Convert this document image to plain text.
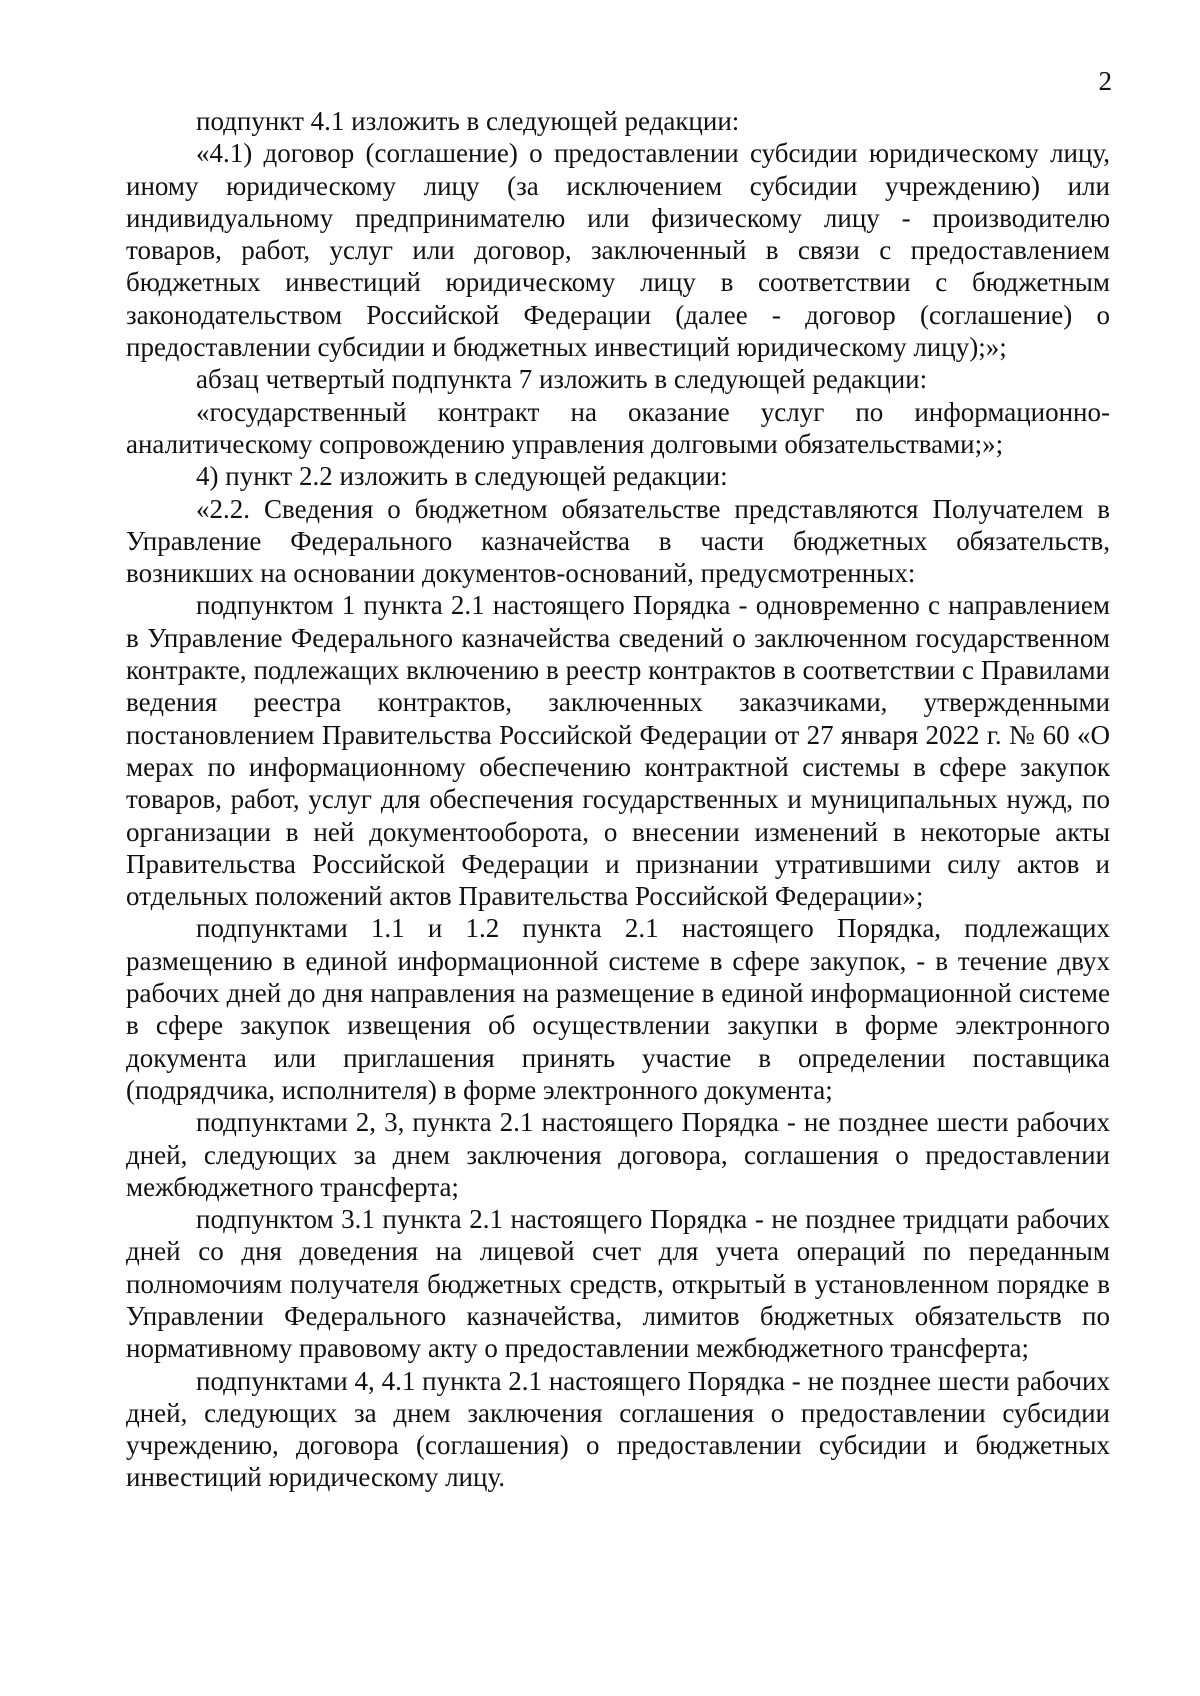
2

подпункт 4.1 изложить в следующей редакции:

«4.1) договор (соглашение) о предоставлении субсидии юридическому лицу, иному юридическому лицу (за исключением субсидии учреждению) или индивидуальному предпринимателю или физическому лицу - производителю товаров, работ, услуг или договор, заключенный в связи с предоставлением бюджетных инвестиций юридическому лицу в соответствии с бюджетным законодательством Российской Федерации (далее - договор (соглашение) о предоставлении субсидии и бюджетных инвестиций юридическому лицу);»;

абзац четвертый подпункта 7 изложить в следующей редакции:

«государственный контракт на оказание услуг по информационно-аналитическому сопровождению управления долговыми обязательствами;»;

4) пункт 2.2 изложить в следующей редакции:

«2.2. Сведения о бюджетном обязательстве представляются Получателем в Управление Федерального казначейства в части бюджетных обязательств, возникших на основании документов-оснований, предусмотренных:

подпунктом 1 пункта 2.1 настоящего Порядка - одновременно с направлением в Управление Федерального казначейства сведений о заключенном государственном контракте, подлежащих включению в реестр контрактов в соответствии с Правилами ведения реестра контрактов, заключенных заказчиками, утвержденными постановлением Правительства Российской Федерации от 27 января 2022 г. № 60 «О мерах по информационному обеспечению контрактной системы в сфере закупок товаров, работ, услуг для обеспечения государственных и муниципальных нужд, по организации в ней документооборота, о внесении изменений в некоторые акты Правительства Российской Федерации и признании утратившими силу актов и отдельных положений актов Правительства Российской Федерации»;

подпунктами 1.1 и 1.2 пункта 2.1 настоящего Порядка, подлежащих размещению в единой информационной системе в сфере закупок, - в течение двух рабочих дней до дня направления на размещение в единой информационной системе в сфере закупок извещения об осуществлении закупки в форме электронного документа или приглашения принять участие в определении поставщика (подрядчика, исполнителя) в форме электронного документа;

подпунктами 2, 3, пункта 2.1 настоящего Порядка - не позднее шести рабочих дней, следующих за днем заключения договора, соглашения о предоставлении межбюджетного трансферта;

подпунктом 3.1 пункта 2.1 настоящего Порядка - не позднее тридцати рабочих дней со дня доведения на лицевой счет для учета операций по переданным полномочиям получателя бюджетных средств, открытый в установленном порядке в Управлении Федерального казначейства, лимитов бюджетных обязательств по нормативному правовому акту о предоставлении межбюджетного трансферта;

подпунктами 4, 4.1 пункта 2.1 настоящего Порядка - не позднее шести рабочих дней, следующих за днем заключения соглашения о предоставлении субсидии учреждению, договора (соглашения) о предоставлении субсидии и бюджетных инвестиций юридическому лицу.
